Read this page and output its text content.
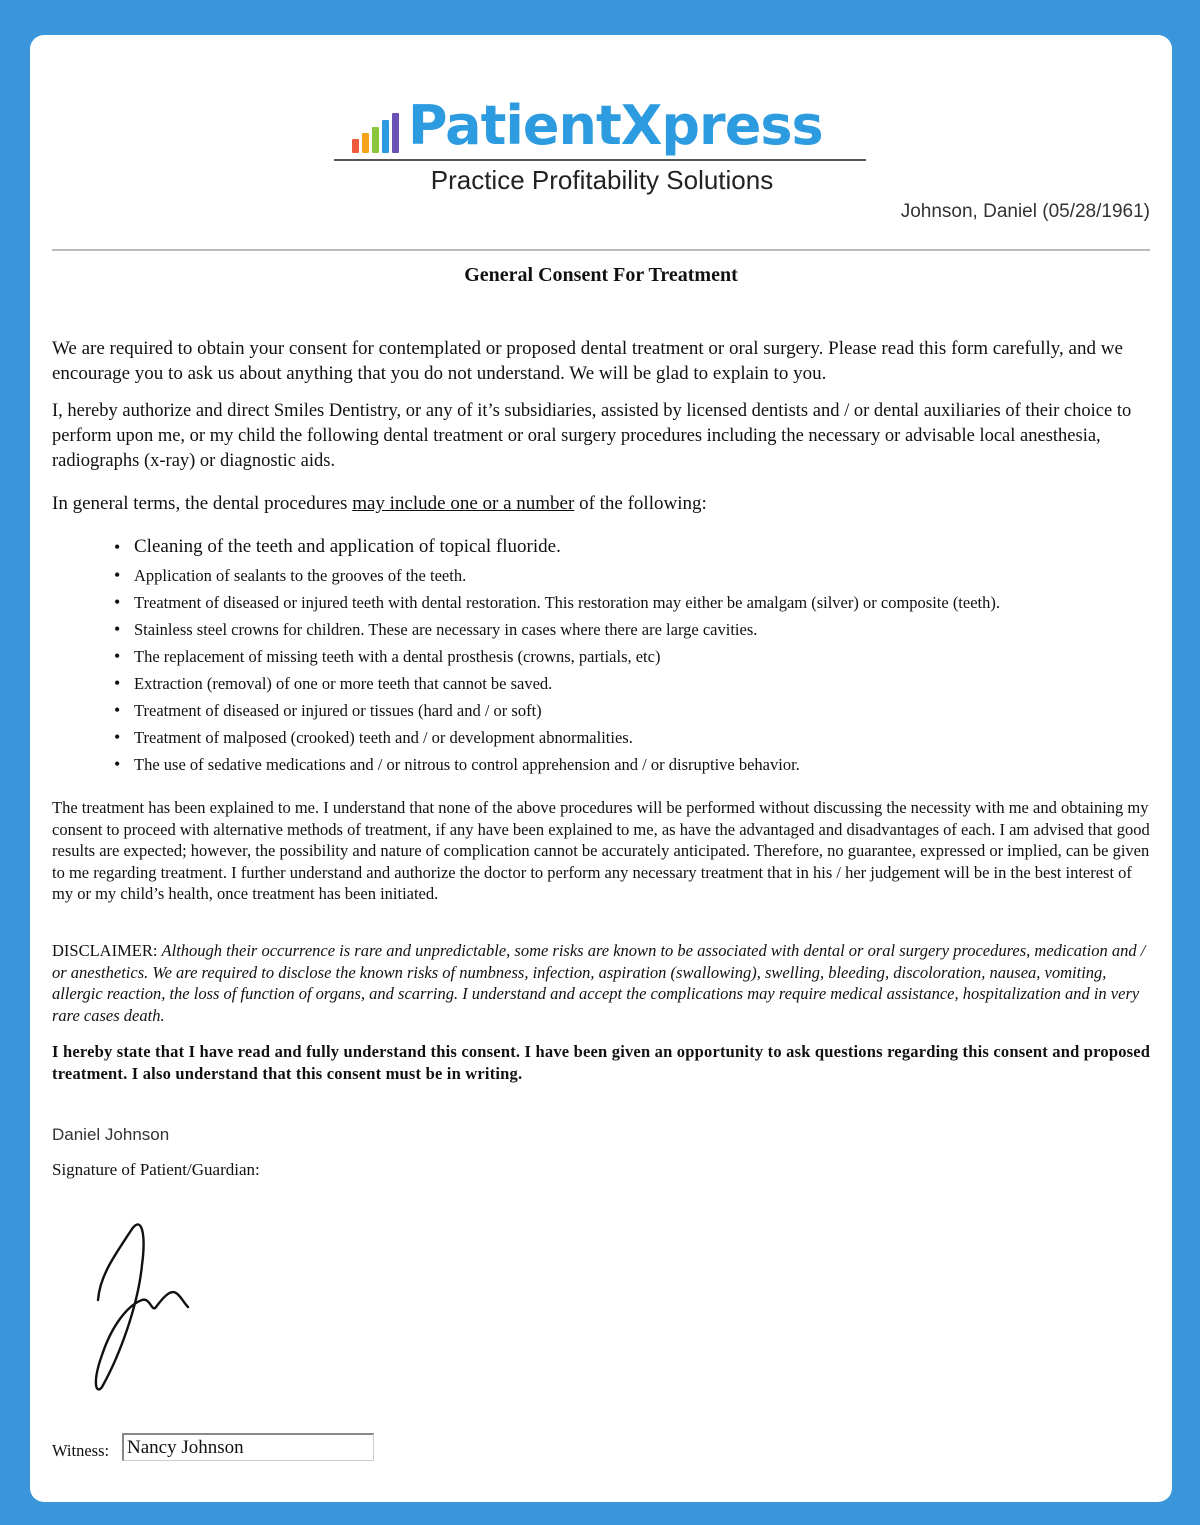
PatientXpress
Practice Profitability Solutions
Johnson, Daniel (05/28/1961)
General Consent For Treatment

We are required to obtain your consent for contemplated or proposed dental treatment or oral surgery. Please read this form carefully, and we encourage you to ask us about anything that you do not understand. We will be glad to explain to you.

I, hereby authorize and direct Smiles Dentistry, or any of it’s subsidiaries, assisted by licensed dentists and / or dental auxiliaries of their choice to perform upon me, or my child the following dental treatment or oral surgery procedures including the necessary or advisable local anesthesia, radiographs (x-ray) or diagnostic aids.

In general terms, the dental procedures may include one or a number of the following:

• Cleaning of the teeth and application of topical fluoride.
• Application of sealants to the grooves of the teeth.
• Treatment of diseased or injured teeth with dental restoration. This restoration may either be amalgam (silver) or composite (teeth).
• Stainless steel crowns for children. These are necessary in cases where there are large cavities.
• The replacement of missing teeth with a dental prosthesis (crowns, partials, etc)
• Extraction (removal) of one or more teeth that cannot be saved.
• Treatment of diseased or injured or tissues (hard and / or soft)
• Treatment of malposed (crooked) teeth and / or development abnormalities.
• The use of sedative medications and / or nitrous to control apprehension and / or disruptive behavior.

The treatment has been explained to me. I understand that none of the above procedures will be performed without discussing the necessity with me and obtaining my consent to proceed with alternative methods of treatment, if any have been explained to me, as have the advantaged and disadvantages of each. I am advised that good results are expected; however, the possibility and nature of complication cannot be accurately anticipated. Therefore, no guarantee, expressed or implied, can be given to me regarding treatment. I further understand and authorize the doctor to perform any necessary treatment that in his / her judgement will be in the best interest of my or my child’s health, once treatment has been initiated.

DISCLAIMER: Although their occurrence is rare and unpredictable, some risks are known to be associated with dental or oral surgery procedures, medication and / or anesthetics. We are required to disclose the known risks of numbness, infection, aspiration (swallowing), swelling, bleeding, discoloration, nausea, vomiting, allergic reaction, the loss of function of organs, and scarring. I understand and accept the complications may require medical assistance, hospitalization and in very rare cases death.

I hereby state that I have read and fully understand this consent. I have been given an opportunity to ask questions regarding this consent and proposed treatment. I also understand that this consent must be in writing.

Daniel Johnson
Signature of Patient/Guardian:
Witness: Nancy Johnson
